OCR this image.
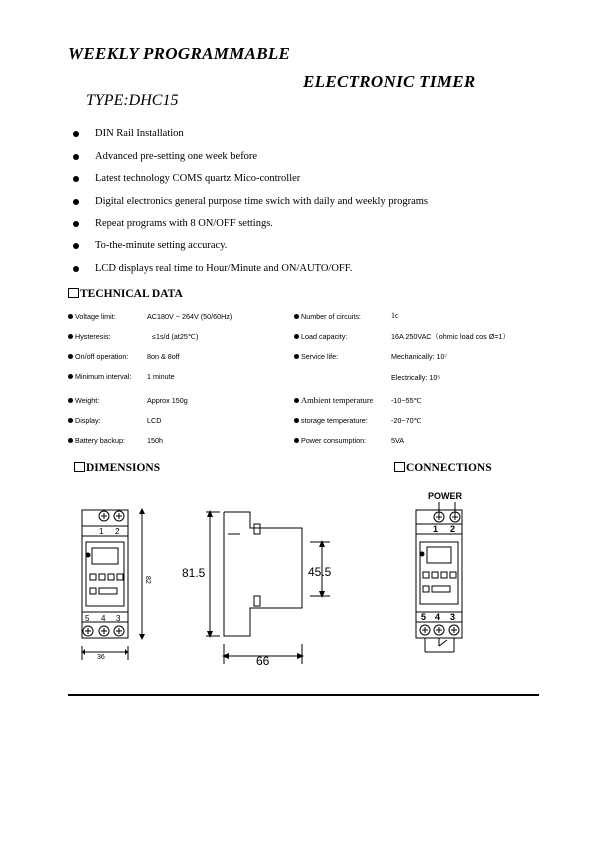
WEEKLY PROGRAMMABLE
ELECTRONIC TIMER
TYPE:DHC15
DIN Rail Installation
Advanced pre-setting one week before
Latest technology COMS quartz Mico-controller
Digital electronics general purpose time swich with daily and weekly programs
Repeat programs with 8 ON/OFF settings.
To-the-minute setting accuracy.
LCD displays real time to Hour/Minute and ON/AUTO/OFF.
TECHNICAL DATA
Voltage limit:	AC180V ~ 264V (50/60Hz)
Hysteresis:	≤1s/d (at25℃)
On/off operation:	8on & 8off
Minimum interval: 1 minute
Weight:	Approx 150g
Display:	LCD
Battery backup:	150h
Number of circuits:	1c
Load capacity:	16A 250VAC（ohmic load cos Ø=1）
Service life:	Mechanically: 10⁷
Electrically: 10⁵
Ambient temperature -10~55℃
storage temperature:	-20~70℃
Power consumption:	5VA
DIMENSIONS	CONNECTIONS
1 2
5 4 3
82
36
81.5	45.5
66
POWER
1 2
5 4 3
